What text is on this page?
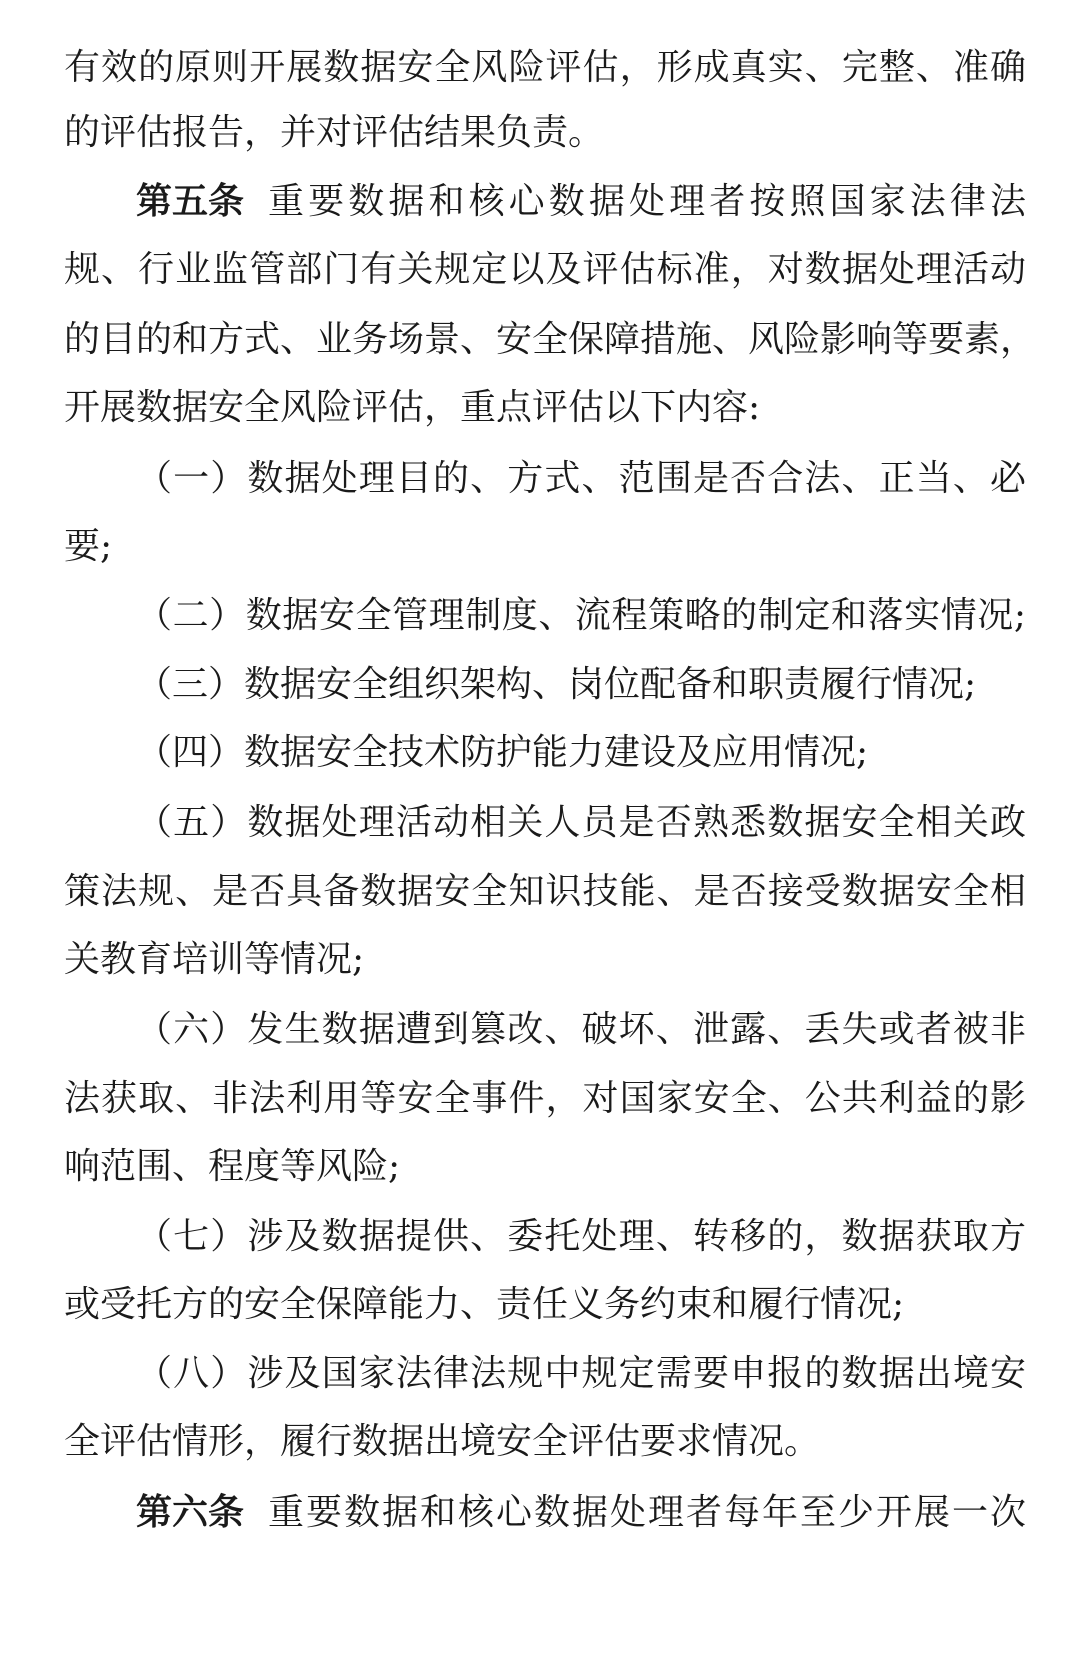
有效的原则开展数据安全风险评估，形成真实、完整、准确
的评估报告，并对评估结果负责。
第五条 重要数据和核心数据处理者按照国家法律法
规、行业监管部门有关规定以及评估标准，对数据处理活动
的目的和方式、业务场景、安全保障措施、风险影响等要素，
开展数据安全风险评估，重点评估以下内容:
（一）数据处理目的、方式、范围是否合法、正当、必
要;
（二）数据安全管理制度、流程策略的制定和落实情况;
（三）数据安全组织架构、岗位配备和职责履行情况;
（四）数据安全技术防护能力建设及应用情况;
（五）数据处理活动相关人员是否熟悉数据安全相关政
策法规、是否具备数据安全知识技能、是否接受数据安全相
关教育培训等情况;
（六）发生数据遭到篡改、破坏、泄露、丢失或者被非
法获取、非法利用等安全事件，对国家安全、公共利益的影
响范围、程度等风险;
（七）涉及数据提供、委托处理、转移的，数据获取方
或受托方的安全保障能力、责任义务约束和履行情况;
（八）涉及国家法律法规中规定需要申报的数据出境安
全评估情形，履行数据出境安全评估要求情况。
第六条 重要数据和核心数据处理者每年至少开展一次
